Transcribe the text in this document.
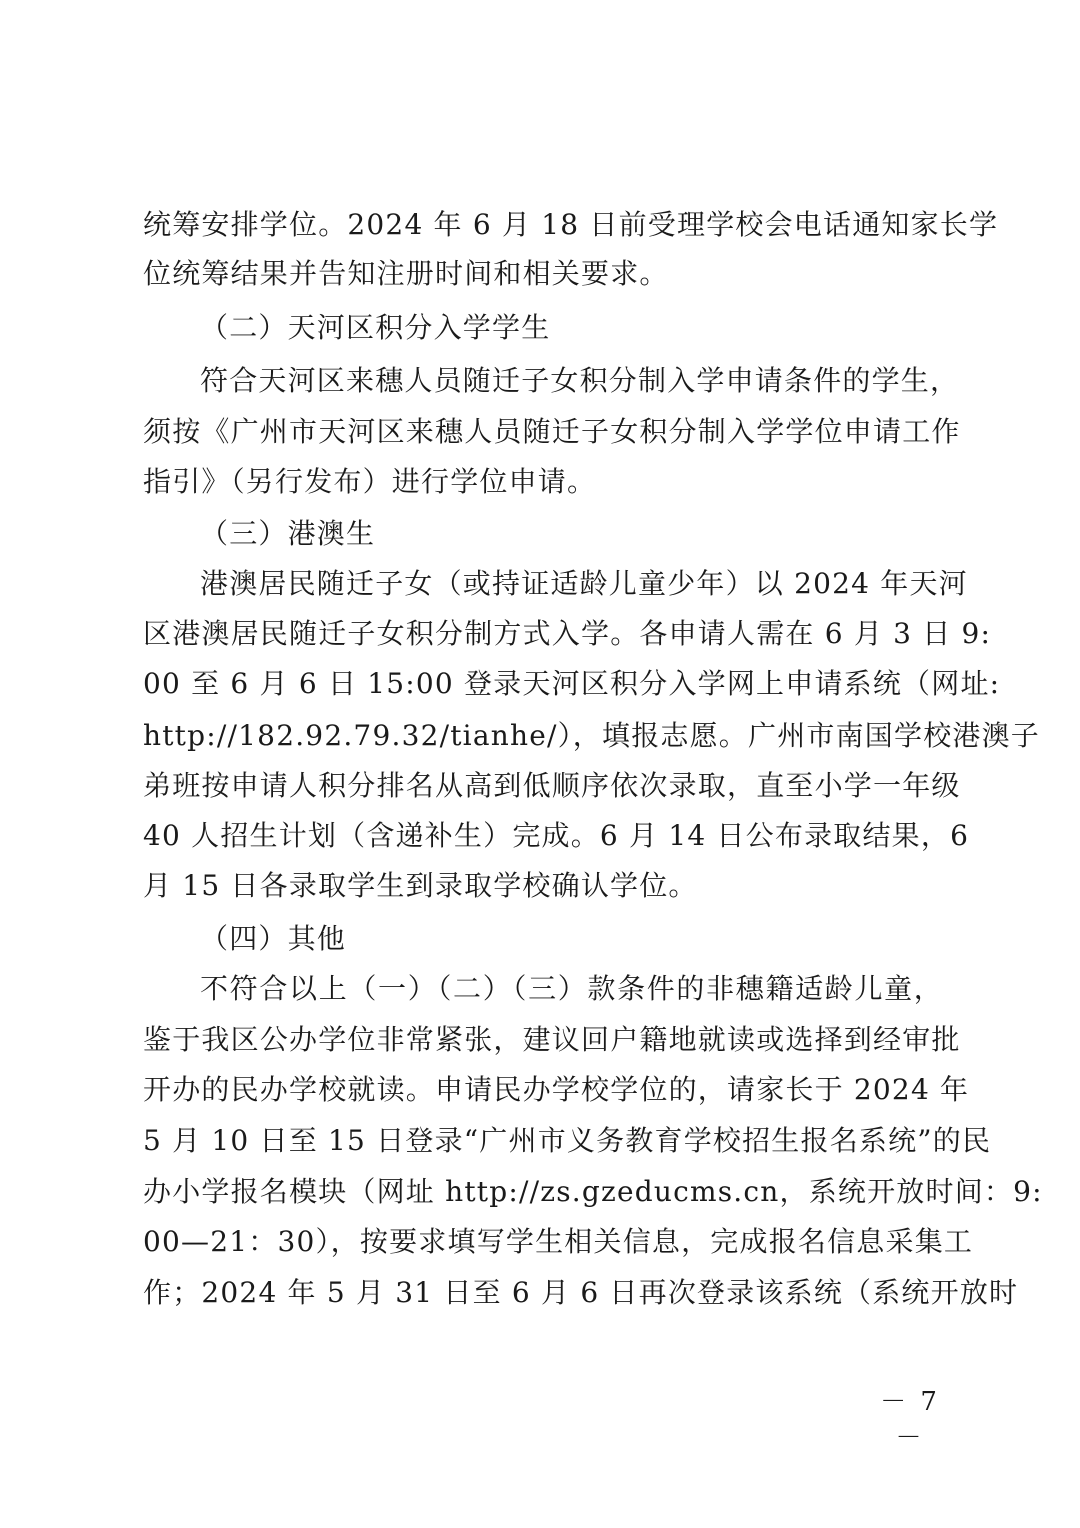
统筹安排学位。2024 年 6 月 18 日前受理学校会电话通知家长学
位统筹结果并告知注册时间和相关要求。
（二）天河区积分入学学生
符合天河区来穗人员随迁子女积分制入学申请条件的学生，
须按《广州市天河区来穗人员随迁子女积分制入学学位申请工作
指引》（另行发布）进行学位申请。
（三）港澳生
港澳居民随迁子女（或持证适龄儿童少年）以 2024 年天河
区港澳居民随迁子女积分制方式入学。各申请人需在 6 月 3 日 9:
00 至 6 月 6 日 15:00 登录天河区积分入学网上申请系统（网址:
http://182.92.79.32/tianhe/），填报志愿。广州市南国学校港澳子
弟班按申请人积分排名从高到低顺序依次录取，直至小学一年级
40 人招生计划（含递补生）完成。6 月 14 日公布录取结果，6
月 15 日各录取学生到录取学校确认学位。
（四）其他
不符合以上（一）（二）（三）款条件的非穗籍适龄儿童，
鉴于我区公办学位非常紧张，建议回户籍地就读或选择到经审批
开办的民办学校就读。申请民办学校学位的，请家长于 2024 年
5 月 10 日至 15 日登录“广州市义务教育学校招生报名系统”的民
办小学报名模块（网址 http://zs.gzeducms.cn，系统开放时间：9:
00—21：30），按要求填写学生相关信息，完成报名信息采集工
作；2024 年 5 月 31 日至 6 月 6 日再次登录该系统（系统开放时
－ 7 －
